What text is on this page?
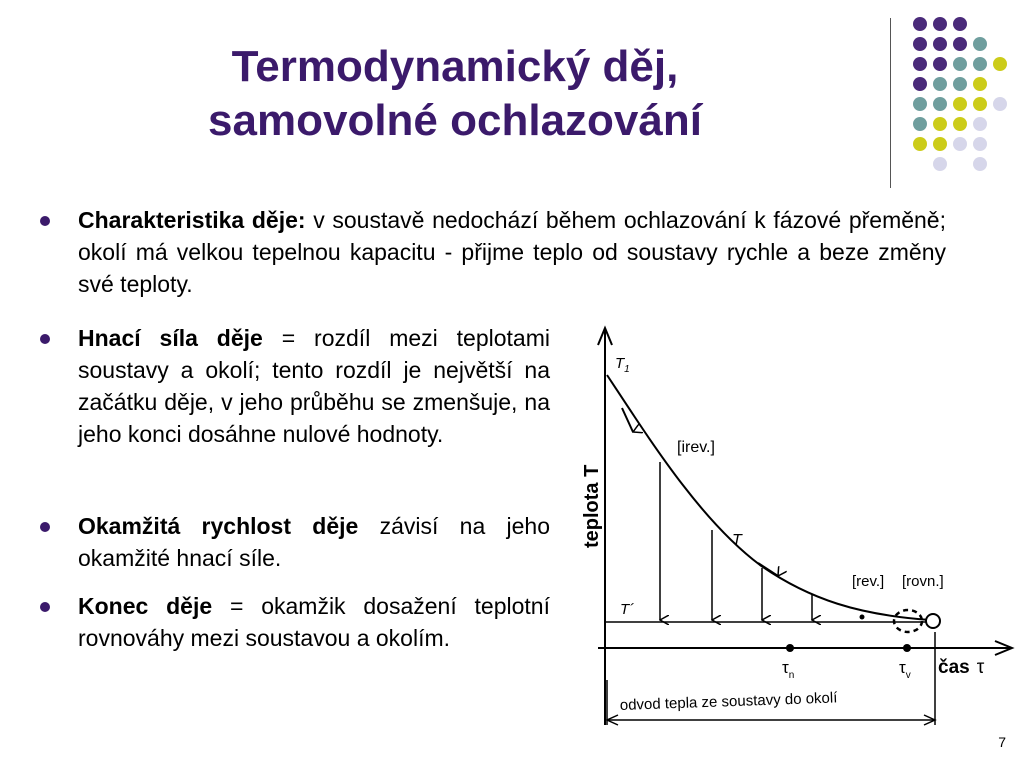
Termodynamický děj,
samovolné ochlazování
Charakteristika děje: v soustavě nedochází během ochlazování k fázové přeměně; okolí má velkou tepelnou kapacitu - přijme teplo od soustavy rychle a beze změny své teploty.
Hnací síla děje = rozdíl mezi teplotami soustavy a okolí; tento rozdíl je největší na začátku děje, v jeho průběhu se zmenšuje, na jeho konci dosáhne nulové hodnoty.
Okamžitá rychlost děje závisí na jeho okamžité hnací síle.
Konec děje = okamžik dosažení teplotní rovnováhy mezi soustavou a okolím.
teplota T
$T_1$
T´
T
[irev.]
[rev.] [rovn.]
$\tau_n$	$\tau_v$ čas τ
odvod tepla ze soustavy do okolí
7
